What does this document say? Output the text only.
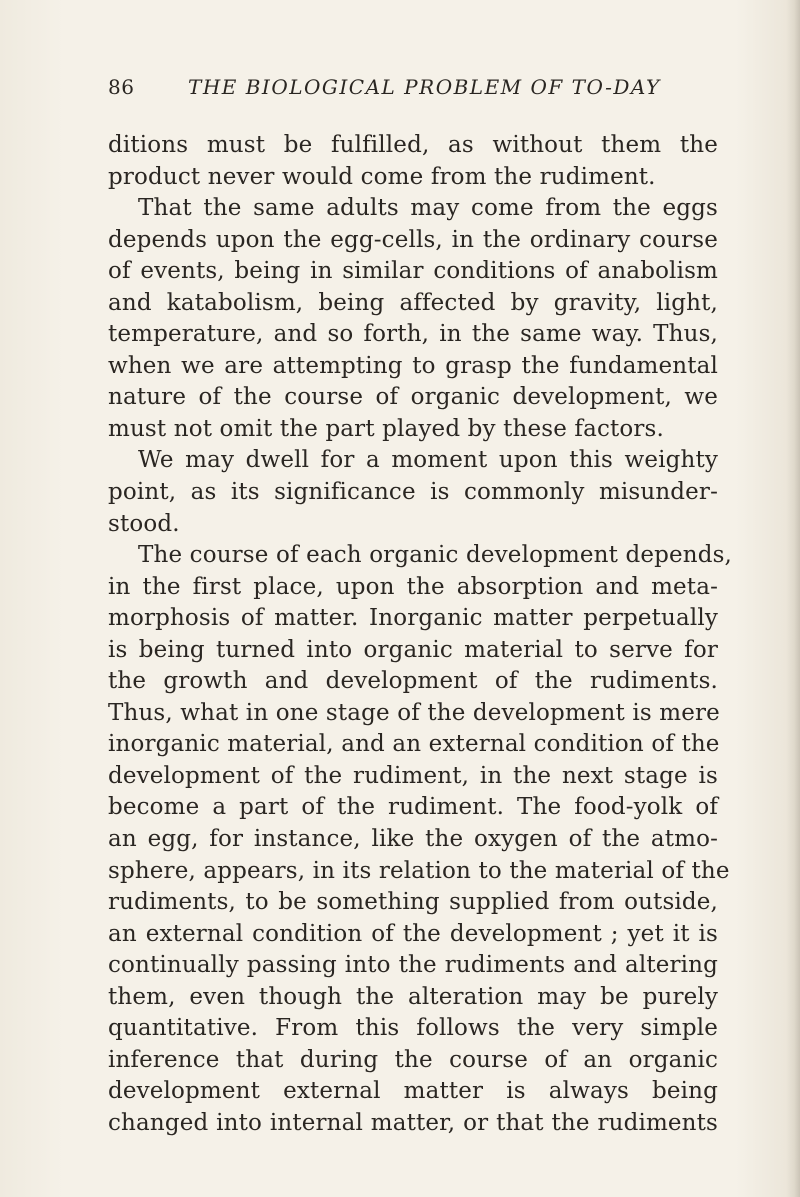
86	THE BIOLOGICAL PROBLEM OF TO-DAY
ditions must be fulfilled, as without them the
product never would come from the rudiment.
That the same adults may come from the eggs
depends upon the egg-cells, in the ordinary course
of events, being in similar conditions of anabolism
and katabolism, being affected by gravity, light,
temperature, and so forth, in the same way. Thus,
when we are attempting to grasp the fundamental
nature of the course of organic development, we
must not omit the part played by these factors.
We may dwell for a moment upon this weighty
point, as its significance is commonly misunder-
stood.
The course of each organic development depends,
in the first place, upon the absorption and meta-
morphosis of matter. Inorganic matter perpetually
is being turned into organic material to serve for
the growth and development of the rudiments.
Thus, what in one stage of the development is mere
inorganic material, and an external condition of the
development of the rudiment, in the next stage is
become a part of the rudiment. The food-yolk of
an egg, for instance, like the oxygen of the atmo-
sphere, appears, in its relation to the material of the
rudiments, to be something supplied from outside,
an external condition of the development ; yet it is
continually passing into the rudiments and altering
them, even though the alteration may be purely
quantitative. From this follows the very simple
inference that during the course of an organic
development external matter is always being
changed into internal matter, or that the rudiments
